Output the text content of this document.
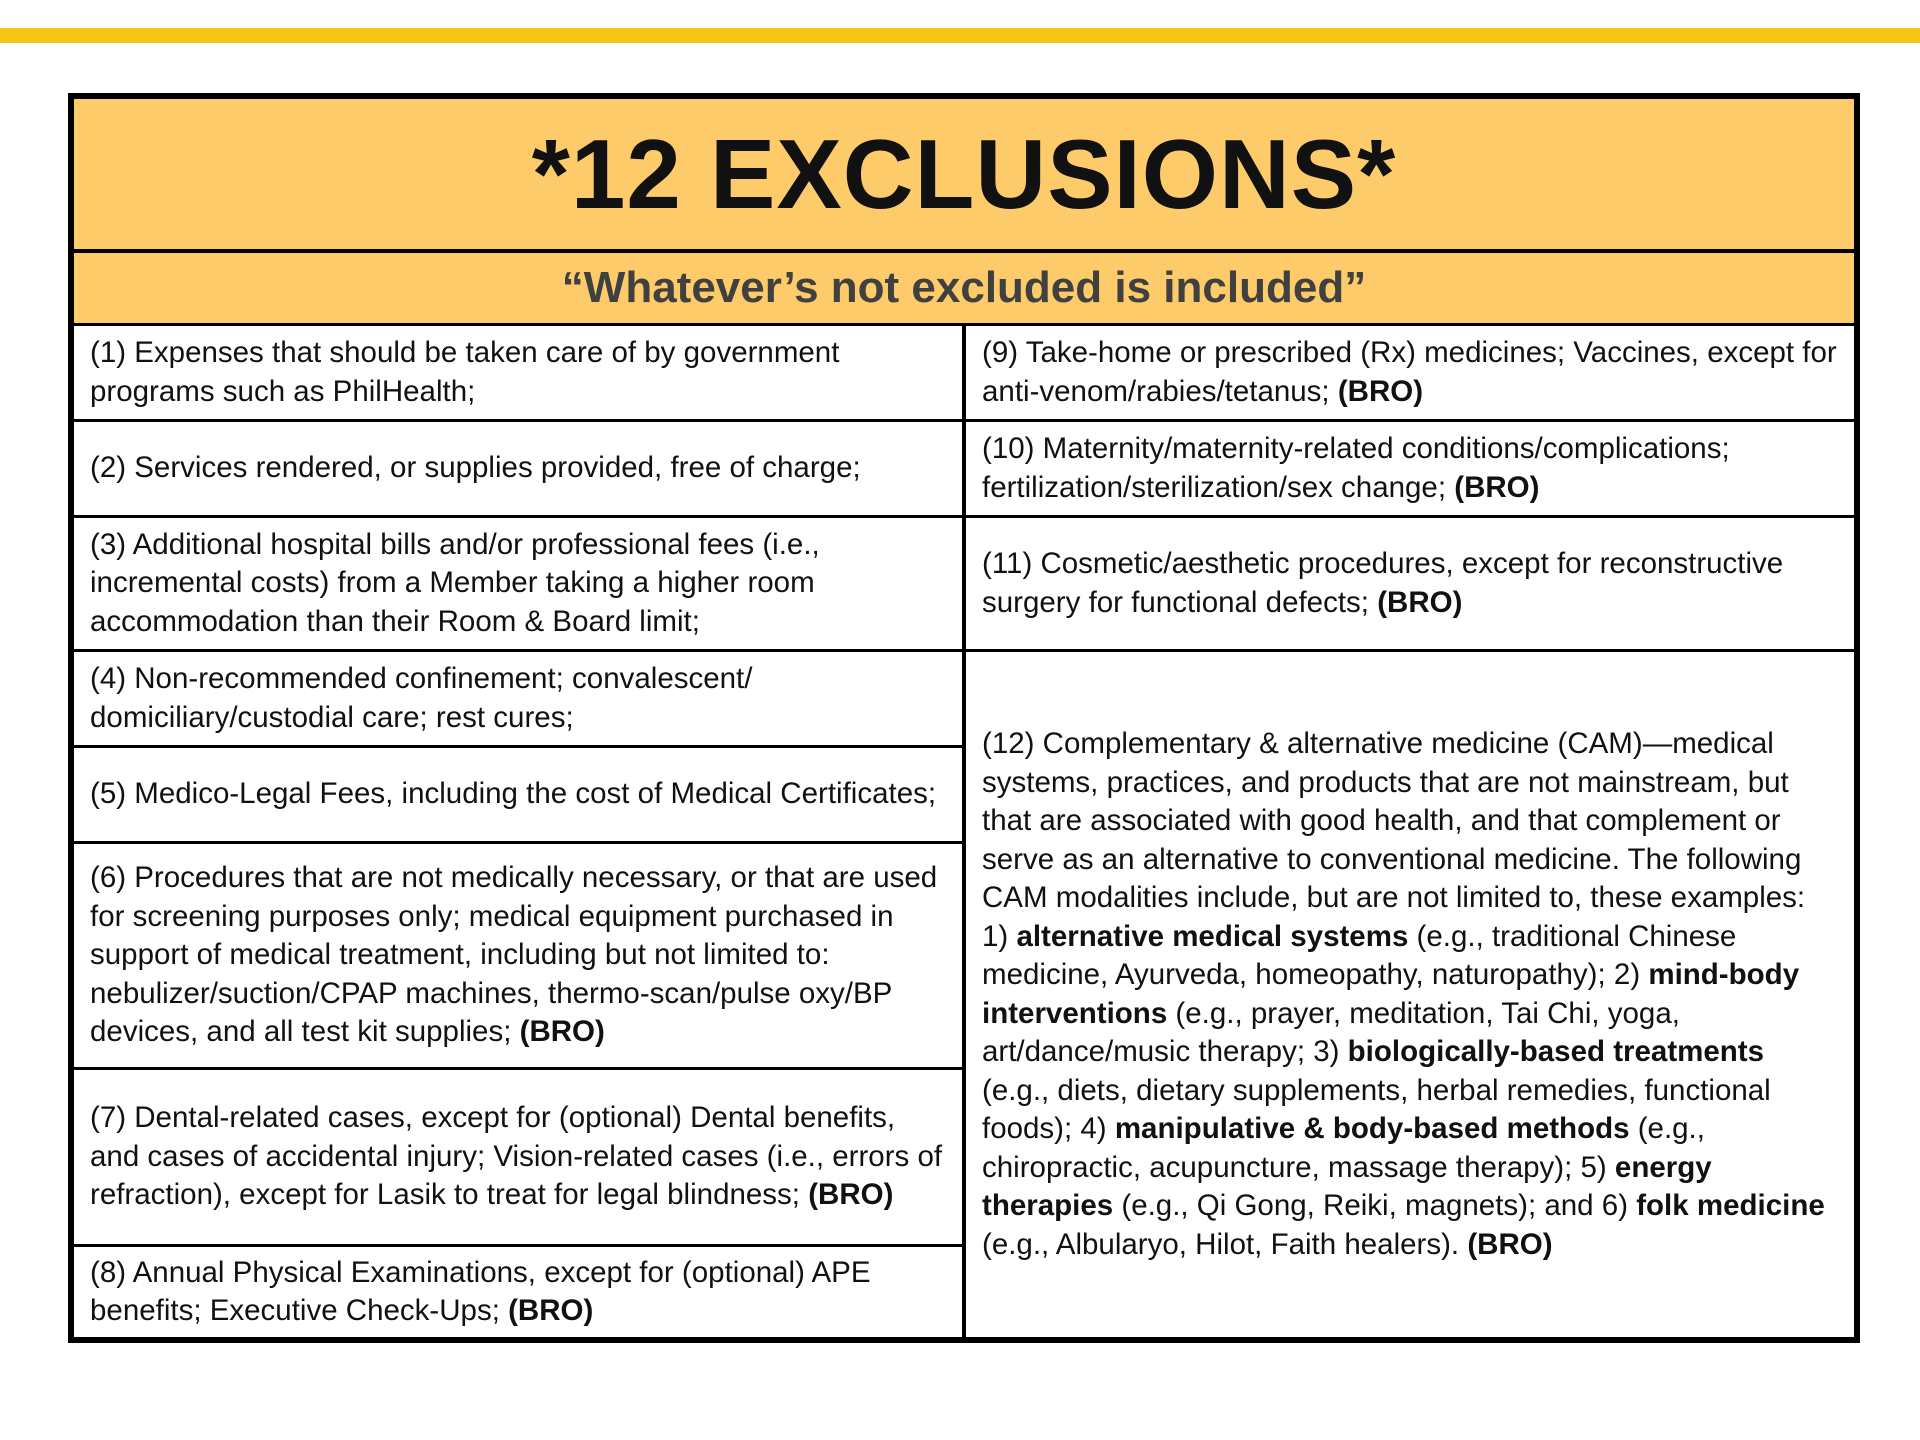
*12 EXCLUSIONS*
“Whatever’s not excluded is included”
(1) Expenses that should be taken care of by government programs such as PhilHealth;
(2) Services rendered, or supplies provided, free of charge;
(3) Additional hospital bills and/or professional fees (i.e., incremental costs) from a Member taking a higher room accommodation than their Room & Board limit;
(4) Non-recommended confinement; convalescent/ domiciliary/custodial care; rest cures;
(5) Medico-Legal Fees, including the cost of Medical Certificates;
(6) Procedures that are not medically necessary, or that are used for screening purposes only; medical equipment purchased in support of medical treatment, including but not limited to: nebulizer/suction/CPAP machines, thermo-scan/pulse oxy/BP devices, and all test kit supplies; (BRO)
(7) Dental-related cases, except for (optional) Dental benefits, and cases of accidental injury; Vision-related cases (i.e., errors of refraction), except for Lasik to treat for legal blindness; (BRO)
(8) Annual Physical Examinations, except for (optional) APE benefits; Executive Check-Ups; (BRO)
(9) Take-home or prescribed (Rx) medicines; Vaccines, except for anti-venom/rabies/tetanus; (BRO)
(10) Maternity/maternity-related conditions/complications; fertilization/sterilization/sex change; (BRO)
(11) Cosmetic/aesthetic procedures, except for reconstructive surgery for functional defects; (BRO)
(12) Complementary & alternative medicine (CAM)—medical systems, practices, and products that are not mainstream, but that are associated with good health, and that complement or serve as an alternative to conventional medicine. The following CAM modalities include, but are not limited to, these examples:
1) alternative medical systems (e.g., traditional Chinese medicine, Ayurveda, homeopathy, naturopathy); 2) mind-body interventions (e.g., prayer, meditation, Tai Chi, yoga, art/dance/music therapy; 3) biologically-based treatments (e.g., diets, dietary supplements, herbal remedies, functional foods); 4) manipulative & body-based methods (e.g., chiropractic, acupuncture, massage therapy); 5) energy therapies (e.g., Qi Gong, Reiki, magnets); and 6) folk medicine (e.g., Albularyo, Hilot, Faith healers). (BRO)
